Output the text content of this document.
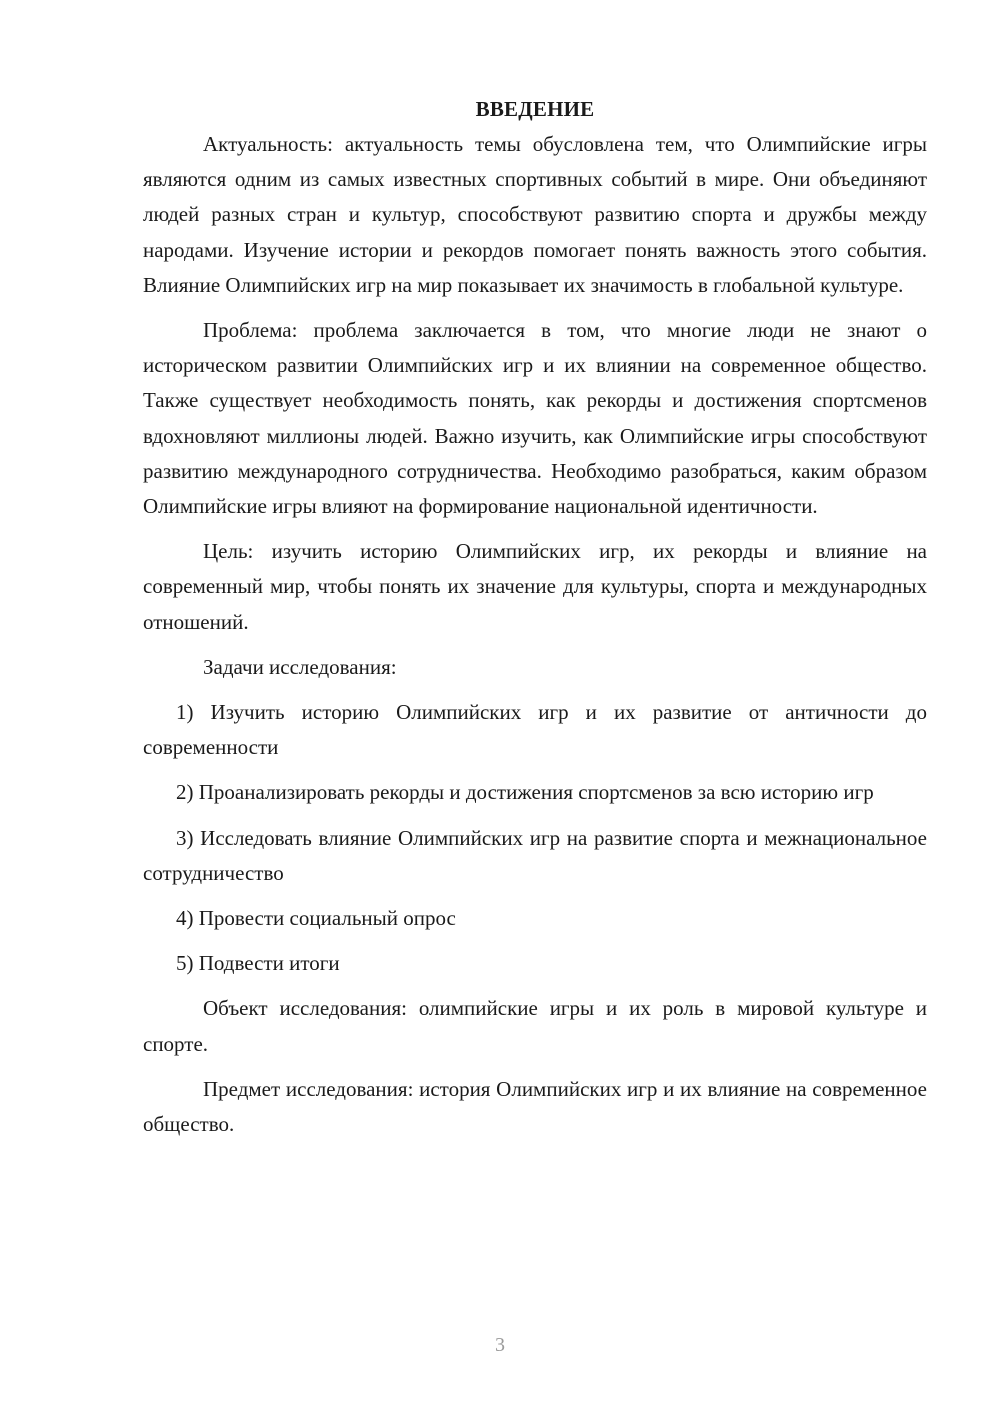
ВВЕДЕНИЕ

Актуальность: актуальность темы обусловлена тем, что Олимпийские игры являются одним из самых известных спортивных событий в мире. Они объединяют людей разных стран и культур, способствуют развитию спорта и дружбы между народами. Изучение истории и рекордов помогает понять важность этого события. Влияние Олимпийских игр на мир показывает их значимость в глобальной культуре.

Проблема: проблема заключается в том, что многие люди не знают о историческом развитии Олимпийских игр и их влиянии на современное общество. Также существует необходимость понять, как рекорды и достижения спортсменов вдохновляют миллионы людей. Важно изучить, как Олимпийские игры способствуют развитию международного сотрудничества. Необходимо разобраться, каким образом Олимпийские игры влияют на формирование национальной идентичности.

Цель: изучить историю Олимпийских игр, их рекорды и влияние на современный мир, чтобы понять их значение для культуры, спорта и международных отношений.

Задачи исследования:

1) Изучить историю Олимпийских игр и их развитие от античности до современности

2) Проанализировать рекорды и достижения спортсменов за всю историю игр

3) Исследовать влияние Олимпийских игр на развитие спорта и межнациональное сотрудничество

4) Провести социальный опрос

5) Подвести итоги

Объект исследования: олимпийские игры и их роль в мировой культуре и спорте.

Предмет исследования: история Олимпийских игр и их влияние на современное общество.

3
